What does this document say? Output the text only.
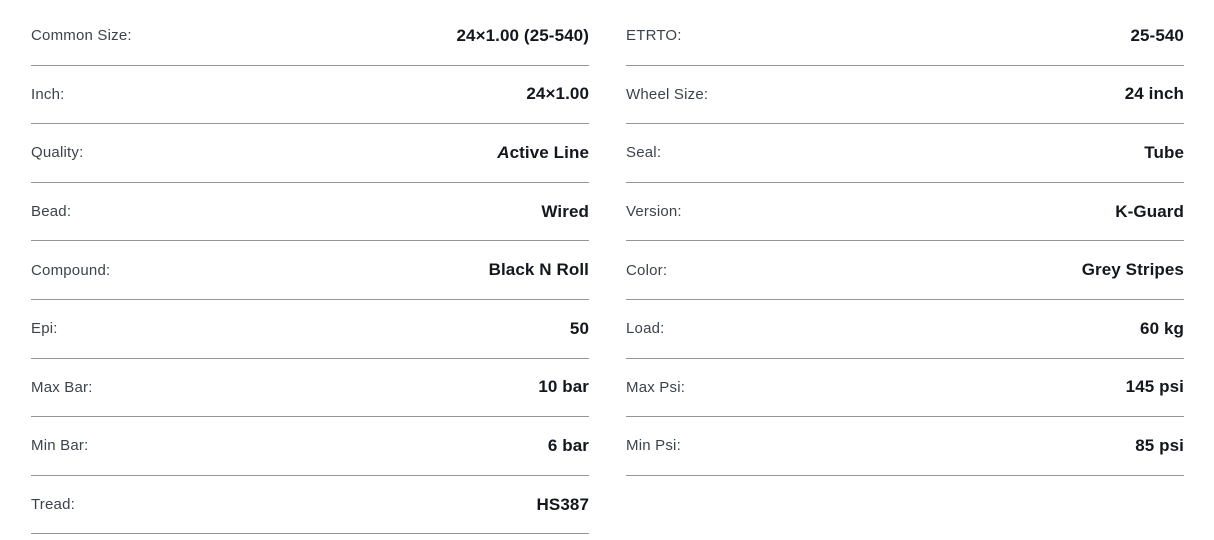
Common Size:	24×1.00 (25-540)
Inch:	24×1.00
Quality:	Active Line
Bead:	Wired
Compound:	Black N Roll
Epi:	50
Max Bar:	10 bar
Min Bar:	6 bar
Tread:	HS387
ETRTO:	25-540
Wheel Size:	24 inch
Seal:	Tube
Version:	K-Guard
Color:	Grey Stripes
Load:	60 kg
Max Psi:	145 psi
Min Psi:	85 psi
